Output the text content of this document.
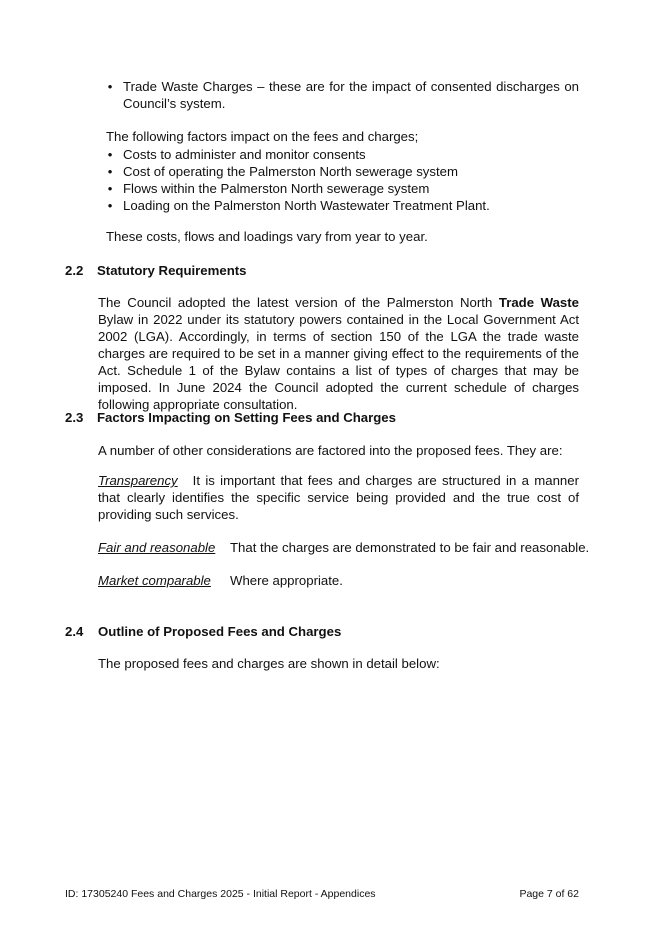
• Trade Waste Charges – these are for the impact of consented discharges on Council’s system.
The following factors impact on the fees and charges;
• Costs to administer and monitor consents
• Cost of operating the Palmerston North sewerage system
• Flows within the Palmerston North sewerage system
• Loading on the Palmerston North Wastewater Treatment Plant.
These costs, flows and loadings vary from year to year.
2.2 Statutory Requirements
The Council adopted the latest version of the Palmerston North Trade Waste Bylaw in 2022 under its statutory powers contained in the Local Government Act 2002 (LGA). Accordingly, in terms of section 150 of the LGA the trade waste charges are required to be set in a manner giving effect to the requirements of the Act. Schedule 1 of the Bylaw contains a list of types of charges that may be imposed. In June 2024 the Council adopted the current schedule of charges following appropriate consultation.
2.3 Factors Impacting on Setting Fees and Charges
A number of other considerations are factored into the proposed fees. They are:
Transparency It is important that fees and charges are structured in a manner that clearly identifies the specific service being provided and the true cost of providing such services.
Fair and reasonable That the charges are demonstrated to be fair and reasonable.
Market comparable Where appropriate.
2.4 Outline of Proposed Fees and Charges
The proposed fees and charges are shown in detail below:
ID: 17305240 Fees and Charges 2025 - Initial Report - Appendices	Page 7 of 62
